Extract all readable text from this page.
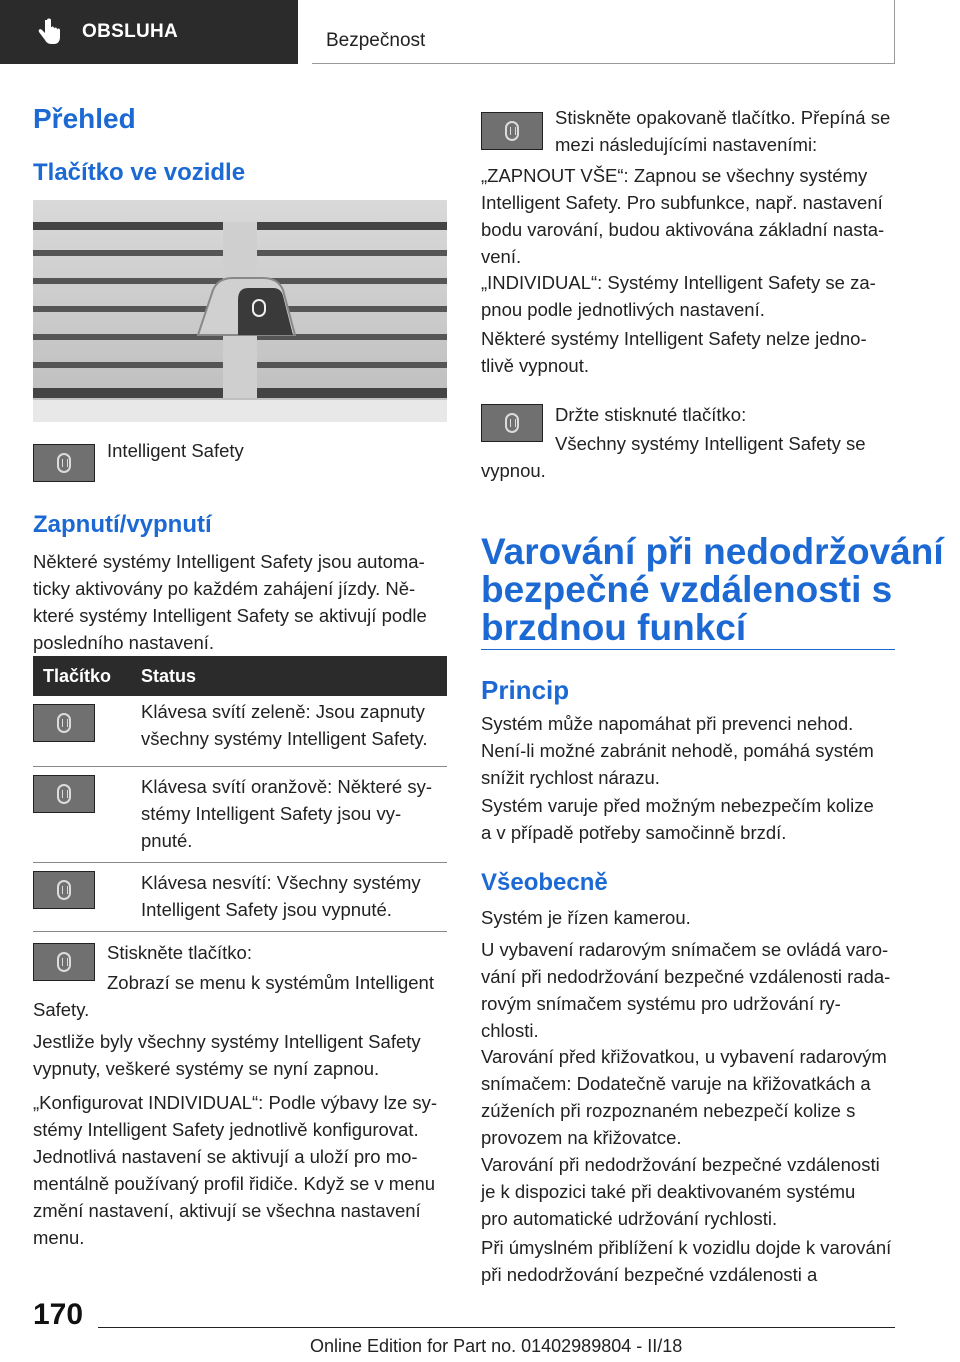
OBSLUHA	Bezpečnost
Přehled
Tlačítko ve vozidle
Intelligent Safety
Zapnutí/vypnutí
Některé systémy Intelligent Safety jsou automa-
ticky aktivovány po každém zahájení jízdy. Ně-
které systémy Intelligent Safety se aktivují podle
posledního nastavení.
Tlačítko	Status

	Klávesa svítí zeleně: Jsou zapnuty
všechny systémy Intelligent Safety.

	Klávesa svítí oranžově: Některé sy-
stémy Intelligent Safety jsou vy-
pnuté.

	Klávesa nesvítí: Všechny systémy
Intelligent Safety jsou vypnuté.
Stiskněte tlačítko:
Zobrazí se menu k systémům Intelligent
Safety.
Jestliže byly všechny systémy Intelligent Safety
vypnuty, veškeré systémy se nyní zapnou.
„Konfigurovat INDIVIDUAL“: Podle výbavy lze sy-
stémy Intelligent Safety jednotlivě konfigurovat.
Jednotlivá nastavení se aktivují a uloží pro mo-
mentálně používaný profil řidiče. Když se v menu
změní nastavení, aktivují se všechna nastavení
menu.
Stiskněte opakovaně tlačítko. Přepíná se
mezi následujícími nastaveními:
„ZAPNOUT VŠE“: Zapnou se všechny systémy
Intelligent Safety. Pro subfunkce, např. nastavení
bodu varování, budou aktivována základní nasta-
vení.
„INDIVIDUAL“: Systémy Intelligent Safety se za-
pnou podle jednotlivých nastavení.
Některé systémy Intelligent Safety nelze jedno-
tlivě vypnout.
Držte stisknuté tlačítko:
Všechny systémy Intelligent Safety se
vypnou.
Varování při nedodržování
bezpečné vzdálenosti s
brzdnou funkcí
Princip
Systém může napomáhat při prevenci nehod.
Není-li možné zabránit nehodě, pomáhá systém
snížit rychlost nárazu.
Systém varuje před možným nebezpečím kolize
a v případě potřeby samočinně brzdí.
Všeobecně
Systém je řízen kamerou.
U vybavení radarovým snímačem se ovládá varo-
vání při nedodržování bezpečné vzdálenosti rada-
rovým snímačem systému pro udržování ry-
chlosti.
Varování před křižovatkou, u vybavení radarovým
snímačem: Dodatečně varuje na křižovatkách a
zúženích při rozpoznaném nebezpečí kolize s
provozem na křižovatce.
Varování při nedodržování bezpečné vzdálenosti
je k dispozici také při deaktivovaném systému
pro automatické udržování rychlosti.
Při úmyslném přiblížení k vozidlu dojde k varování
při nedodržování bezpečné vzdálenosti a
170
Online Edition for Part no. 01402989804 - II/18
